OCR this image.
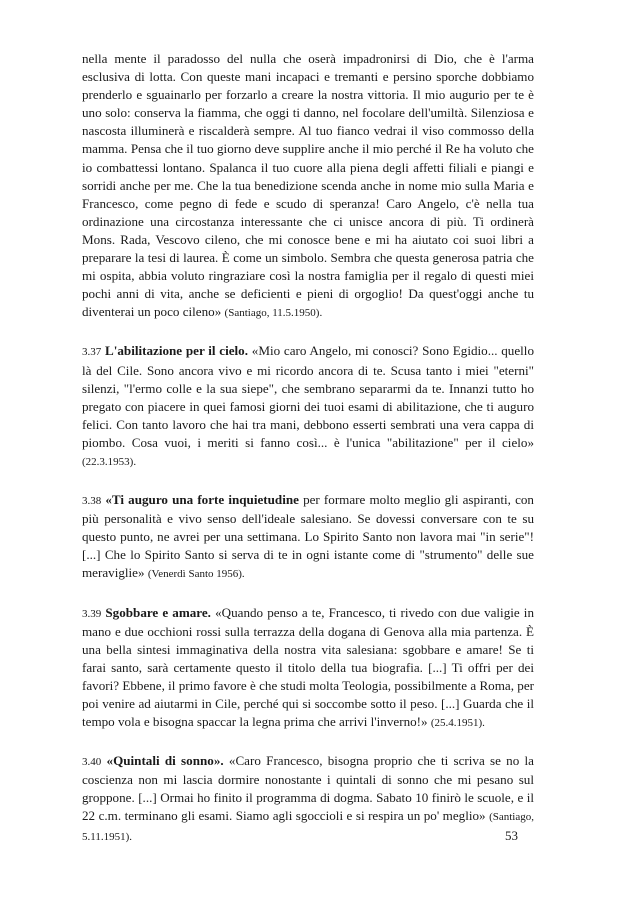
nella mente il paradosso del nulla che oserà impadronirsi di Dio, che è l'arma esclusiva di lotta. Con queste mani incapaci e tremanti e persino sporche dobbiamo prenderlo e sguainarlo per forzarlo a creare la nostra vittoria. Il mio augurio per te è uno solo: conserva la fiamma, che oggi ti danno, nel focolare dell'umiltà. Silenziosa e nascosta illuminerà e riscalderà sempre. Al tuo fianco vedrai il viso commosso della mamma. Pensa che il tuo giorno deve supplire anche il mio perché il Re ha voluto che io combattessi lontano. Spalanca il tuo cuore alla piena degli affetti filiali e piangi e sorridi anche per me. Che la tua benedizione scenda anche in nome mio sulla Maria e Francesco, come pegno di fede e scudo di speranza! Caro Angelo, c'è nella tua ordinazione una circostanza interessante che ci unisce ancora di più. Ti ordinerà Mons. Rada, Vescovo cileno, che mi conosce bene e mi ha aiutato coi suoi libri a preparare la tesi di laurea. È come un simbolo. Sembra che questa generosa patria che mi ospita, abbia voluto ringraziare così la nostra famiglia per il regalo di questi miei pochi anni di vita, anche se deficienti e pieni di orgoglio! Da quest'oggi anche tu diventerai un poco cileno» (Santiago, 11.5.1950).

3.37 L'abilitazione per il cielo. «Mio caro Angelo, mi conosci? Sono Egidio... quello là del Cile. Sono ancora vivo e mi ricordo ancora di te. Scusa tanto i miei "eterni" silenzi, "l'ermo colle e la sua siepe", che sembrano separarmi da te. Innanzi tutto ho pregato con piacere in quei famosi giorni dei tuoi esami di abilitazione, che ti auguro felici. Con tanto lavoro che hai tra mani, debbono esserti sembrati una vera cappa di piombo. Cosa vuoi, i meriti si fanno così... è l'unica "abilitazione" per il cielo» (22.3.1953).

3.38 «Ti auguro una forte inquietudine per formare molto meglio gli aspiranti, con più personalità e vivo senso dell'ideale salesiano. Se dovessi conversare con te su questo punto, ne avrei per una settimana. Lo Spirito Santo non lavora mai "in serie"! [...] Che lo Spirito Santo si serva di te in ogni istante come di "strumento" delle sue meraviglie» (Venerdì Santo 1956).

3.39 Sgobbare e amare. «Quando penso a te, Francesco, ti rivedo con due valigie in mano e due occhioni rossi sulla terrazza della dogana di Genova alla mia partenza. È una bella sintesi immaginativa della nostra vita salesiana: sgobbare e amare! Se ti farai santo, sarà certamente questo il titolo della tua biografia. [...] Ti offri per dei favori? Ebbene, il primo favore è che studi molta Teologia, possibilmente a Roma, per poi venire ad aiutarmi in Cile, perché qui si soccombe sotto il peso. [...] Guarda che il tempo vola e bisogna spaccar la legna prima che arrivi l'inverno!» (25.4.1951).

3.40 «Quintali di sonno». «Caro Francesco, bisogna proprio che ti scriva se no la coscienza non mi lascia dormire nonostante i quintali di sonno che mi pesano sul groppone. [...] Ormai ho finito il programma di dogma. Sabato 10 finirò le scuole, e il 22 c.m. terminano gli esami. Siamo agli sgoccioli e si respira un po' meglio» (Santiago, 5.11.1951).	53
